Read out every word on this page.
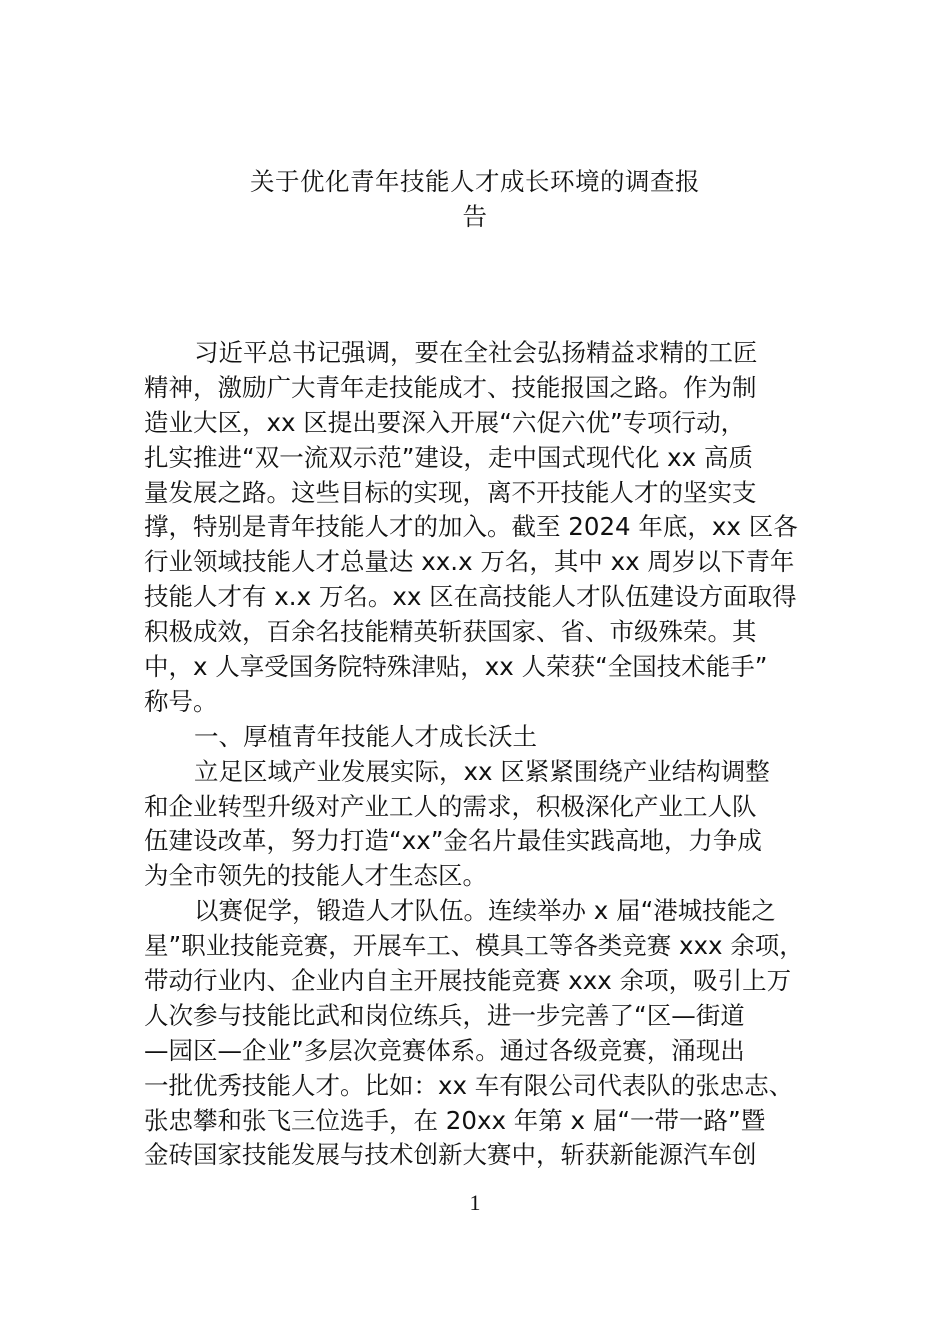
关于优化青年技能人才成长环境的调查报
告
习近平总书记强调，要在全社会弘扬精益求精的工匠
精神，激励广大青年走技能成才、技能报国之路。作为制
造业大区，xx 区提出要深入开展“六促六优”专项行动，
扎实推进“双一流双示范”建设，走中国式现代化 xx 高质
量发展之路。这些目标的实现，离不开技能人才的坚实支
撑，特别是青年技能人才的加入。截至 2024 年底，xx 区各
行业领域技能人才总量达 xx.x 万名，其中 xx 周岁以下青年
技能人才有 x.x 万名。xx 区在高技能人才队伍建设方面取得
积极成效，百余名技能精英斩获国家、省、市级殊荣。其
中，x 人享受国务院特殊津贴，xx 人荣获“全国技术能手”
称号。
一、厚植青年技能人才成长沃土
立足区域产业发展实际，xx 区紧紧围绕产业结构调整
和企业转型升级对产业工人的需求，积极深化产业工人队
伍建设改革，努力打造“xx”金名片最佳实践高地，力争成
为全市领先的技能人才生态区。
以赛促学，锻造人才队伍。连续举办 x 届“港城技能之
星”职业技能竞赛，开展车工、模具工等各类竞赛 xxx 余项，
带动行业内、企业内自主开展技能竞赛 xxx 余项，吸引上万
人次参与技能比武和岗位练兵，进一步完善了“区—街道
—园区—企业”多层次竞赛体系。通过各级竞赛，涌现出
一批优秀技能人才。比如：xx 车有限公司代表队的张忠志、
张忠攀和张飞三位选手，在 20xx 年第 x 届“一带一路”暨
金砖国家技能发展与技术创新大赛中，斩获新能源汽车创
1
